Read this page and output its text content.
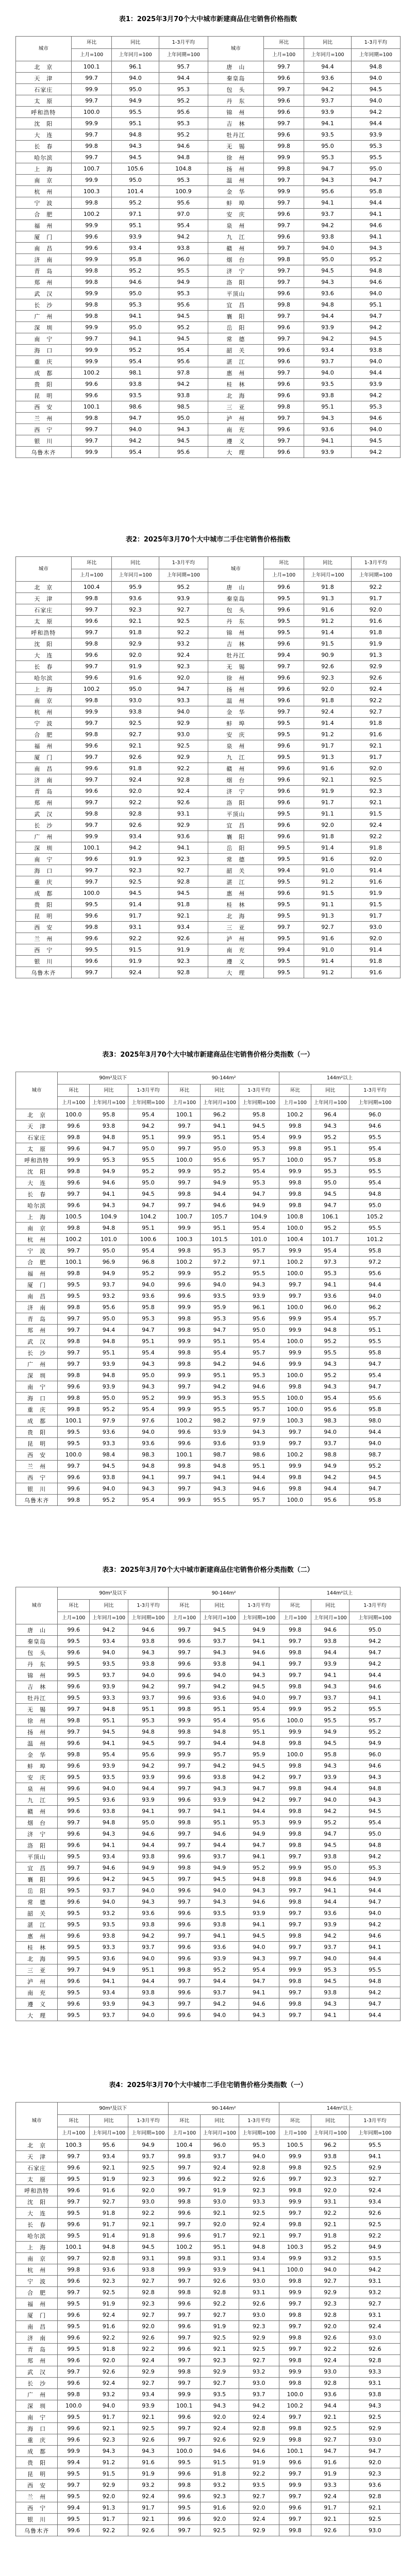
表1：2025年3月70个大中城市新建商品住宅销售价格指数
城市	环比	同比	1-3月平均	城市	环比	同比	1-3月平均
	上月=100	上年同月=100	上年同期=100		上月=100	上年同月=100	上年同期=100
北　京	100.1	96.1	95.7	唐　山	99.7	94.4	94.8
天　津	99.7	94.0	94.4	秦皇岛	99.6	93.6	94.0
石家庄	99.9	95.0	95.3	包　头	99.7	94.2	94.5
太　原	99.7	94.9	95.2	丹　东	99.6	93.7	94.0
呼和浩特	100.0	95.5	95.6	锦　州	99.6	93.9	94.2
沈　阳	99.9	95.1	95.3	吉　林	99.7	94.1	94.4
大　连	99.7	94.8	95.2	牡丹江	99.6	93.5	93.9
长　春	99.8	94.3	94.6	无　锡	99.8	95.0	95.3
哈尔滨	99.7	94.5	94.8	徐　州	99.9	95.3	95.5
上　海	100.7	105.6	104.8	扬　州	99.8	94.7	95.0
南　京	99.9	95.0	95.3	温　州	99.7	94.3	94.7
杭　州	100.3	101.4	100.9	金　华	99.9	95.6	95.8
宁　波	99.8	95.2	95.6	蚌　埠	99.7	94.1	94.4
合　肥	100.2	97.1	97.0	安　庆	99.6	93.7	94.1
福　州	99.9	95.1	95.4	泉　州	99.7	94.2	94.6
厦　门	99.6	93.9	94.2	九　江	99.6	93.8	94.1
南　昌	99.6	93.4	93.8	赣　州	99.7	94.0	94.3
济　南	99.9	95.8	96.0	烟　台	99.8	95.0	95.2
青　岛	99.8	95.2	95.5	济　宁	99.7	94.5	94.8
郑　州	99.8	94.6	94.9	洛　阳	99.7	94.3	94.6
武　汉	99.9	95.0	95.3	平顶山	99.6	93.6	94.0
长　沙	99.8	95.3	95.6	宜　昌	99.8	94.8	95.1
广　州	99.8	94.1	94.5	襄　阳	99.7	94.4	94.7
深　圳	99.9	95.0	95.2	岳　阳	99.6	93.9	94.2
南　宁	99.7	94.1	94.5	常　德	99.7	94.2	94.5
海　口	99.9	95.2	95.4	韶　关	99.6	93.4	93.8
重　庆	99.9	95.4	95.6	湛　江	99.6	93.7	94.0
成　都	100.2	98.1	97.8	惠　州	99.7	94.0	94.4
贵　阳	99.6	93.8	94.2	桂　林	99.6	93.5	93.9
昆　明	99.6	93.5	93.8	北　海	99.6	93.8	94.2
西　安	100.1	98.6	98.5	三　亚	99.8	95.1	95.3
兰　州	99.8	94.7	95.0	泸　州	99.7	94.3	94.6
西　宁	99.7	94.0	94.3	南　充	99.6	93.6	94.0
银　川	99.7	94.2	94.5	遵　义	99.7	94.1	94.5
乌鲁木齐	99.9	95.4	95.6	大　理	99.6	93.9	94.2
表2：2025年3月70个大中城市二手住宅销售价格指数
城市	环比	同比	1-3月平均	城市	环比	同比	1-3月平均
	上月=100	上年同月=100	上年同期=100		上月=100	上年同月=100	上年同期=100
北　京	100.4	95.9	95.2	唐　山	99.6	91.8	92.2
天　津	99.8	93.6	93.9	秦皇岛	99.5	91.3	91.7
石家庄	99.7	92.3	92.7	包　头	99.6	91.6	92.0
太　原	99.6	92.1	92.5	丹　东	99.5	91.2	91.6
呼和浩特	99.7	91.8	92.2	锦　州	99.5	91.4	91.8
沈　阳	99.8	92.9	93.2	吉　林	99.6	91.5	91.9
大　连	99.6	92.0	92.4	牡丹江	99.4	90.9	91.3
长　春	99.7	91.9	92.3	无　锡	99.7	92.6	92.9
哈尔滨	99.6	91.6	92.0	徐　州	99.6	92.3	92.6
上　海	100.2	95.0	94.7	扬　州	99.6	92.0	92.4
南　京	99.8	93.0	93.3	温　州	99.6	91.8	92.2
杭　州	99.9	93.8	94.0	金　华	99.7	92.4	92.7
宁　波	99.7	92.5	92.9	蚌　埠	99.5	91.4	91.8
合　肥	99.8	92.7	93.0	安　庆	99.5	91.2	91.6
福　州	99.6	92.1	92.5	泉　州	99.6	91.7	92.1
厦　门	99.7	92.6	92.9	九　江	99.5	91.3	91.7
南　昌	99.6	91.8	92.2	赣　州	99.6	91.6	92.0
济　南	99.7	92.4	92.8	烟　台	99.6	92.1	92.5
青　岛	99.6	92.0	92.4	济　宁	99.6	91.9	92.3
郑　州	99.7	92.2	92.6	洛　阳	99.6	91.7	92.1
武　汉	99.8	92.8	93.1	平顶山	99.5	91.1	91.5
长　沙	99.7	92.6	92.9	宜　昌	99.6	92.0	92.4
广　州	99.9	93.4	93.6	襄　阳	99.6	91.8	92.2
深　圳	100.1	94.2	94.1	岳　阳	99.5	91.4	91.8
南　宁	99.6	91.9	92.3	常　德	99.5	91.6	92.0
海　口	99.7	92.3	92.7	韶　关	99.4	91.0	91.4
重　庆	99.7	92.5	92.8	湛　江	99.5	91.2	91.6
成　都	100.0	94.5	94.5	惠　州	99.6	91.5	91.9
贵　阳	99.5	91.4	91.8	桂　林	99.5	91.1	91.5
昆　明	99.6	91.7	92.1	北　海	99.5	91.3	91.7
西　安	99.8	93.1	93.4	三　亚	99.7	92.7	93.0
兰　州	99.6	92.2	92.6	泸　州	99.5	91.6	92.0
西　宁	99.5	91.5	91.9	南　充	99.4	91.0	91.4
银　川	99.6	91.9	92.3	遵　义	99.5	91.4	91.8
乌鲁木齐	99.7	92.4	92.8	大　理	99.5	91.2	91.6
表3：2025年3月70个大中城市新建商品住宅销售价格分类指数（一）
城市	90m²及以下			90-144m²			144m²以上		
	环比	同比	1-3月平均	环比	同比	1-3月平均	环比	同比	1-3月平均
	上月=100	上年同月=100	上年同期=100	上月=100	上年同月=100	上年同期=100	上月=100	上年同月=100	上年同期=100
北　京	100.0	95.8	95.4	100.1	96.2	95.8	100.2	96.4	96.0
天　津	99.6	93.8	94.2	99.7	94.1	94.5	99.8	94.3	94.6
石家庄	99.8	94.8	95.1	99.9	95.1	95.4	99.9	95.2	95.5
太　原	99.6	94.7	95.0	99.7	95.0	95.3	99.8	95.1	95.4
呼和浩特	99.9	95.3	95.5	100.0	95.6	95.7	100.0	95.7	95.8
沈　阳	99.8	94.9	95.2	99.9	95.2	95.4	99.9	95.3	95.5
大　连	99.6	94.6	95.0	99.7	94.9	95.3	99.8	95.0	95.4
长　春	99.7	94.1	94.5	99.8	94.4	94.7	99.8	94.5	94.8
哈尔滨	99.6	94.3	94.7	99.7	94.6	94.9	99.8	94.7	95.0
上　海	100.5	104.9	104.2	100.7	105.7	104.9	100.8	106.1	105.2
南　京	99.8	94.8	95.1	99.9	95.1	95.4	100.0	95.2	95.5
杭　州	100.2	101.0	100.6	100.3	101.5	101.0	100.4	101.7	101.2
宁　波	99.7	95.0	95.4	99.8	95.3	95.7	99.9	95.4	95.8
合　肥	100.1	96.9	96.8	100.2	97.2	97.1	100.2	97.3	97.2
福　州	99.8	94.9	95.2	99.9	95.2	95.5	100.0	95.3	95.6
厦　门	99.5	93.7	94.0	99.6	94.0	94.3	99.7	94.1	94.4
南　昌	99.5	93.2	93.6	99.6	93.5	93.9	99.7	93.6	94.0
济　南	99.8	95.6	95.8	99.9	95.9	96.1	100.0	96.0	96.2
青　岛	99.7	95.0	95.3	99.8	95.3	95.6	99.9	95.4	95.7
郑　州	99.7	94.4	94.7	99.8	94.7	95.0	99.9	94.8	95.1
武　汉	99.8	94.8	95.1	99.9	95.1	95.4	100.0	95.2	95.5
长　沙	99.7	95.1	95.4	99.8	95.4	95.7	99.9	95.5	95.8
广　州	99.7	93.9	94.3	99.8	94.2	94.6	99.9	94.3	94.7
深　圳	99.8	94.8	95.0	99.9	95.1	95.3	100.0	95.2	95.4
南　宁	99.6	93.9	94.3	99.7	94.2	94.6	99.8	94.3	94.7
海　口	99.8	95.0	95.2	99.9	95.3	95.5	100.0	95.4	95.6
重　庆	99.8	95.2	95.4	99.9	95.5	95.7	100.0	95.6	95.8
成　都	100.1	97.9	97.6	100.2	98.2	97.9	100.3	98.3	98.0
贵　阳	99.5	93.6	94.0	99.6	93.9	94.3	99.7	94.0	94.4
昆　明	99.5	93.3	93.6	99.6	93.6	93.9	99.7	93.7	94.0
西　安	100.0	98.4	98.3	100.1	98.7	98.6	100.2	98.8	98.7
兰　州	99.7	94.5	94.8	99.8	94.8	95.1	99.9	94.9	95.2
西　宁	99.6	93.8	94.1	99.7	94.1	94.4	99.8	94.2	94.5
银　川	99.6	94.0	94.3	99.7	94.3	94.6	99.8	94.4	94.7
乌鲁木齐	99.8	95.2	95.4	99.9	95.5	95.7	100.0	95.6	95.8
表3：2025年3月70个大中城市新建商品住宅销售价格分类指数（二）
城市	90m²及以下			90-144m²			144m²以上		
	环比	同比	1-3月平均	环比	同比	1-3月平均	环比	同比	1-3月平均
	上月=100	上年同月=100	上年同期=100	上月=100	上年同月=100	上年同期=100	上月=100	上年同月=100	上年同期=100
唐　山	99.6	94.2	94.6	99.7	94.5	94.9	99.8	94.6	95.0
秦皇岛	99.5	93.4	93.8	99.6	93.7	94.1	99.7	93.8	94.2
包　头	99.6	94.0	94.3	99.7	94.3	94.6	99.8	94.4	94.7
丹　东	99.5	93.5	93.8	99.6	93.8	94.1	99.7	93.9	94.2
锦　州	99.5	93.7	94.0	99.6	94.0	94.3	99.7	94.1	94.4
吉　林	99.6	93.9	94.2	99.7	94.2	94.5	99.8	94.3	94.6
牡丹江	99.5	93.3	93.7	99.6	93.6	94.0	99.7	93.7	94.1
无　锡	99.7	94.8	95.1	99.8	95.1	95.4	99.9	95.2	95.5
徐　州	99.8	95.1	95.3	99.9	95.4	95.6	100.0	95.5	95.7
扬　州	99.7	94.5	94.8	99.8	94.8	95.1	99.9	94.9	95.2
温　州	99.6	94.1	94.5	99.7	94.4	94.8	99.8	94.5	94.9
金　华	99.8	95.4	95.6	99.9	95.7	95.9	100.0	95.8	96.0
蚌　埠	99.6	93.9	94.2	99.7	94.2	94.5	99.8	94.3	94.6
安　庆	99.5	93.5	93.9	99.6	93.8	94.2	99.7	93.9	94.3
泉　州	99.6	94.0	94.4	99.7	94.3	94.7	99.8	94.4	94.8
九　江	99.5	93.6	93.9	99.6	93.9	94.2	99.7	94.0	94.3
赣　州	99.6	93.8	94.1	99.7	94.1	94.4	99.8	94.2	94.5
烟　台	99.7	94.8	95.0	99.8	95.1	95.3	99.9	95.2	95.4
济　宁	99.6	94.3	94.6	99.7	94.6	94.9	99.8	94.7	95.0
洛　阳	99.6	94.1	94.4	99.7	94.4	94.7	99.8	94.5	94.8
平顶山	99.5	93.4	93.8	99.6	93.7	94.1	99.7	93.8	94.2
宜　昌	99.7	94.6	94.9	99.8	94.9	95.2	99.9	95.0	95.3
襄　阳	99.6	94.2	94.5	99.7	94.5	94.8	99.8	94.6	94.9
岳　阳	99.5	93.7	94.0	99.6	94.0	94.3	99.7	94.1	94.4
常　德	99.6	94.0	94.3	99.7	94.3	94.6	99.8	94.4	94.7
韶　关	99.5	93.2	93.6	99.6	93.5	93.9	99.7	93.6	94.0
湛　江	99.5	93.5	93.8	99.6	93.8	94.1	99.7	93.9	94.2
惠　州	99.6	93.8	94.2	99.7	94.1	94.5	99.8	94.2	94.6
桂　林	99.5	93.3	93.7	99.6	93.6	94.0	99.7	93.7	94.1
北　海	99.5	93.6	94.0	99.6	93.9	94.3	99.7	94.0	94.4
三　亚	99.7	94.9	95.1	99.8	95.2	95.4	99.9	95.3	95.5
泸　州	99.6	94.1	94.4	99.7	94.4	94.7	99.8	94.5	94.8
南　充	99.5	93.4	93.8	99.6	93.7	94.1	99.7	93.8	94.2
遵　义	99.6	93.9	94.3	99.7	94.2	94.6	99.8	94.3	94.7
大　理	99.5	93.7	94.0	99.6	94.0	94.3	99.7	94.1	94.4
表4：2025年3月70个大中城市二手住宅销售价格分类指数（一）
城市	90m²及以下			90-144m²			144m²以上		
	环比	同比	1-3月平均	环比	同比	1-3月平均	环比	同比	1-3月平均
	上月=100	上年同月=100	上年同期=100	上月=100	上年同月=100	上年同期=100	上月=100	上年同月=100	上年同期=100
北　京	100.3	95.6	94.9	100.4	96.0	95.3	100.5	96.2	95.5
天　津	99.7	93.4	93.7	99.8	93.7	94.0	99.9	93.8	94.1
石家庄	99.6	92.1	92.5	99.7	92.4	92.8	99.8	92.5	92.9
太　原	99.5	91.9	92.3	99.6	92.2	92.6	99.7	92.3	92.7
呼和浩特	99.6	91.6	92.0	99.7	91.9	92.3	99.8	92.0	92.4
沈　阳	99.7	92.7	93.0	99.8	93.0	93.3	99.9	93.1	93.4
大　连	99.5	91.8	92.2	99.6	92.1	92.5	99.7	92.2	92.6
长　春	99.6	91.7	92.1	99.7	92.0	92.4	99.8	92.1	92.5
哈尔滨	99.5	91.4	91.8	99.6	91.7	92.1	99.7	91.8	92.2
上　海	100.1	94.8	94.5	100.2	95.1	94.8	100.3	95.2	94.9
南　京	99.7	92.8	93.1	99.8	93.1	93.4	99.9	93.2	93.5
杭　州	99.8	93.6	93.8	99.9	93.9	94.1	100.0	94.0	94.2
宁　波	99.6	92.3	92.7	99.7	92.6	93.0	99.8	92.7	93.1
合　肥	99.7	92.5	92.8	99.8	92.8	93.1	99.9	92.9	93.2
福　州	99.5	91.9	92.3	99.6	92.2	92.6	99.7	92.3	92.7
厦　门	99.6	92.4	92.7	99.7	92.7	93.0	99.8	92.8	93.1
南　昌	99.5	91.6	92.0	99.6	91.9	92.3	99.7	92.0	92.4
济　南	99.6	92.2	92.6	99.7	92.5	92.9	99.8	92.6	93.0
青　岛	99.5	91.8	92.2	99.6	92.1	92.5	99.7	92.2	92.6
郑　州	99.6	92.0	92.4	99.7	92.3	92.7	99.8	92.4	92.8
武　汉	99.7	92.6	92.9	99.8	92.9	93.2	99.9	93.0	93.3
长　沙	99.6	92.4	92.7	99.7	92.7	93.0	99.8	92.8	93.1
广　州	99.8	93.2	93.4	99.9	93.5	93.7	100.0	93.6	93.8
深　圳	100.0	94.0	93.9	100.1	94.3	94.2	100.2	94.4	94.3
南　宁	99.5	91.7	92.1	99.6	92.0	92.4	99.7	92.1	92.5
海　口	99.6	92.1	92.5	99.7	92.4	92.8	99.8	92.5	92.9
重　庆	99.6	92.3	92.6	99.7	92.6	92.9	99.8	92.7	93.0
成　都	99.9	94.3	94.3	100.0	94.6	94.6	100.1	94.7	94.7
贵　阳	99.4	91.2	91.6	99.5	91.5	91.9	99.6	91.6	92.0
昆　明	99.5	91.5	91.9	99.6	91.8	92.2	99.7	91.9	92.3
西　安	99.7	92.9	93.2	99.8	93.2	93.5	99.9	93.3	93.6
兰　州	99.5	92.0	92.4	99.6	92.3	92.7	99.7	92.4	92.8
西　宁	99.4	91.3	91.7	99.5	91.6	92.0	99.6	91.7	92.1
银　川	99.5	91.7	92.1	99.6	92.0	92.4	99.7	92.1	92.5
乌鲁木齐	99.6	92.2	92.6	99.7	92.5	92.9	99.8	92.6	93.0
